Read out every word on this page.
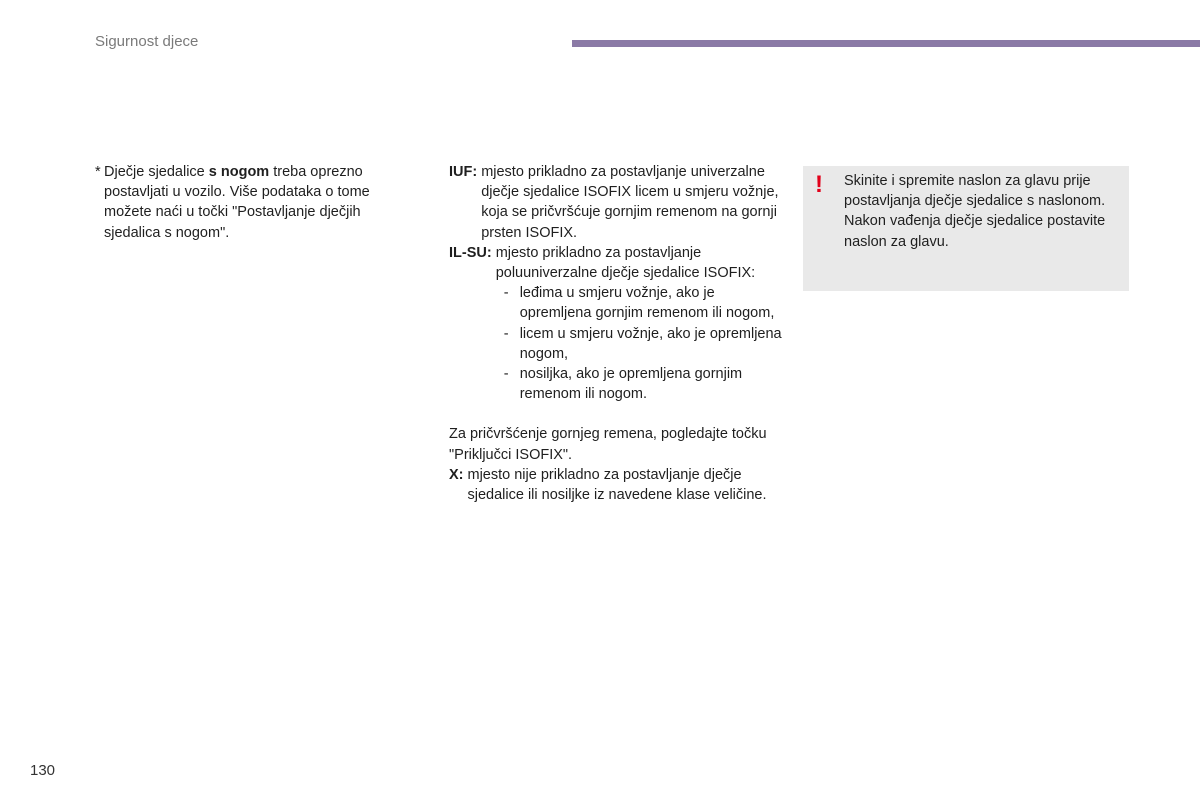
Sigurnost djece
* Dječje sjedalice s nogom treba oprezno postavljati u vozilo. Više podataka o tome možete naći u točki "Postavljanje dječjih sjedalica s nogom".
IUF: mjesto prikladno za postavljanje univerzalne dječje sjedalice ISOFIX licem u smjeru vožnje, koja se pričvršćuje gornjim remenom na gornji prsten ISOFIX.
IL-SU: mjesto prikladno za postavljanje poluuniverzalne dječje sjedalice ISOFIX:
- leđima u smjeru vožnje, ako je opremljena gornjim remenom ili nogom,
- licem u smjeru vožnje, ako je opremljena nogom,
- nosiljka, ako je opremljena gornjim remenom ili nogom.
Za pričvršćenje gornjeg remena, pogledajte točku "Priključci ISOFIX".
X: mjesto nije prikladno za postavljanje dječje sjedalice ili nosiljke iz navedene klase veličine.
! Skinite i spremite naslon za glavu prije postavljanja dječje sjedalice s naslonom. Nakon vađenja dječje sjedalice postavite naslon za glavu.
130
